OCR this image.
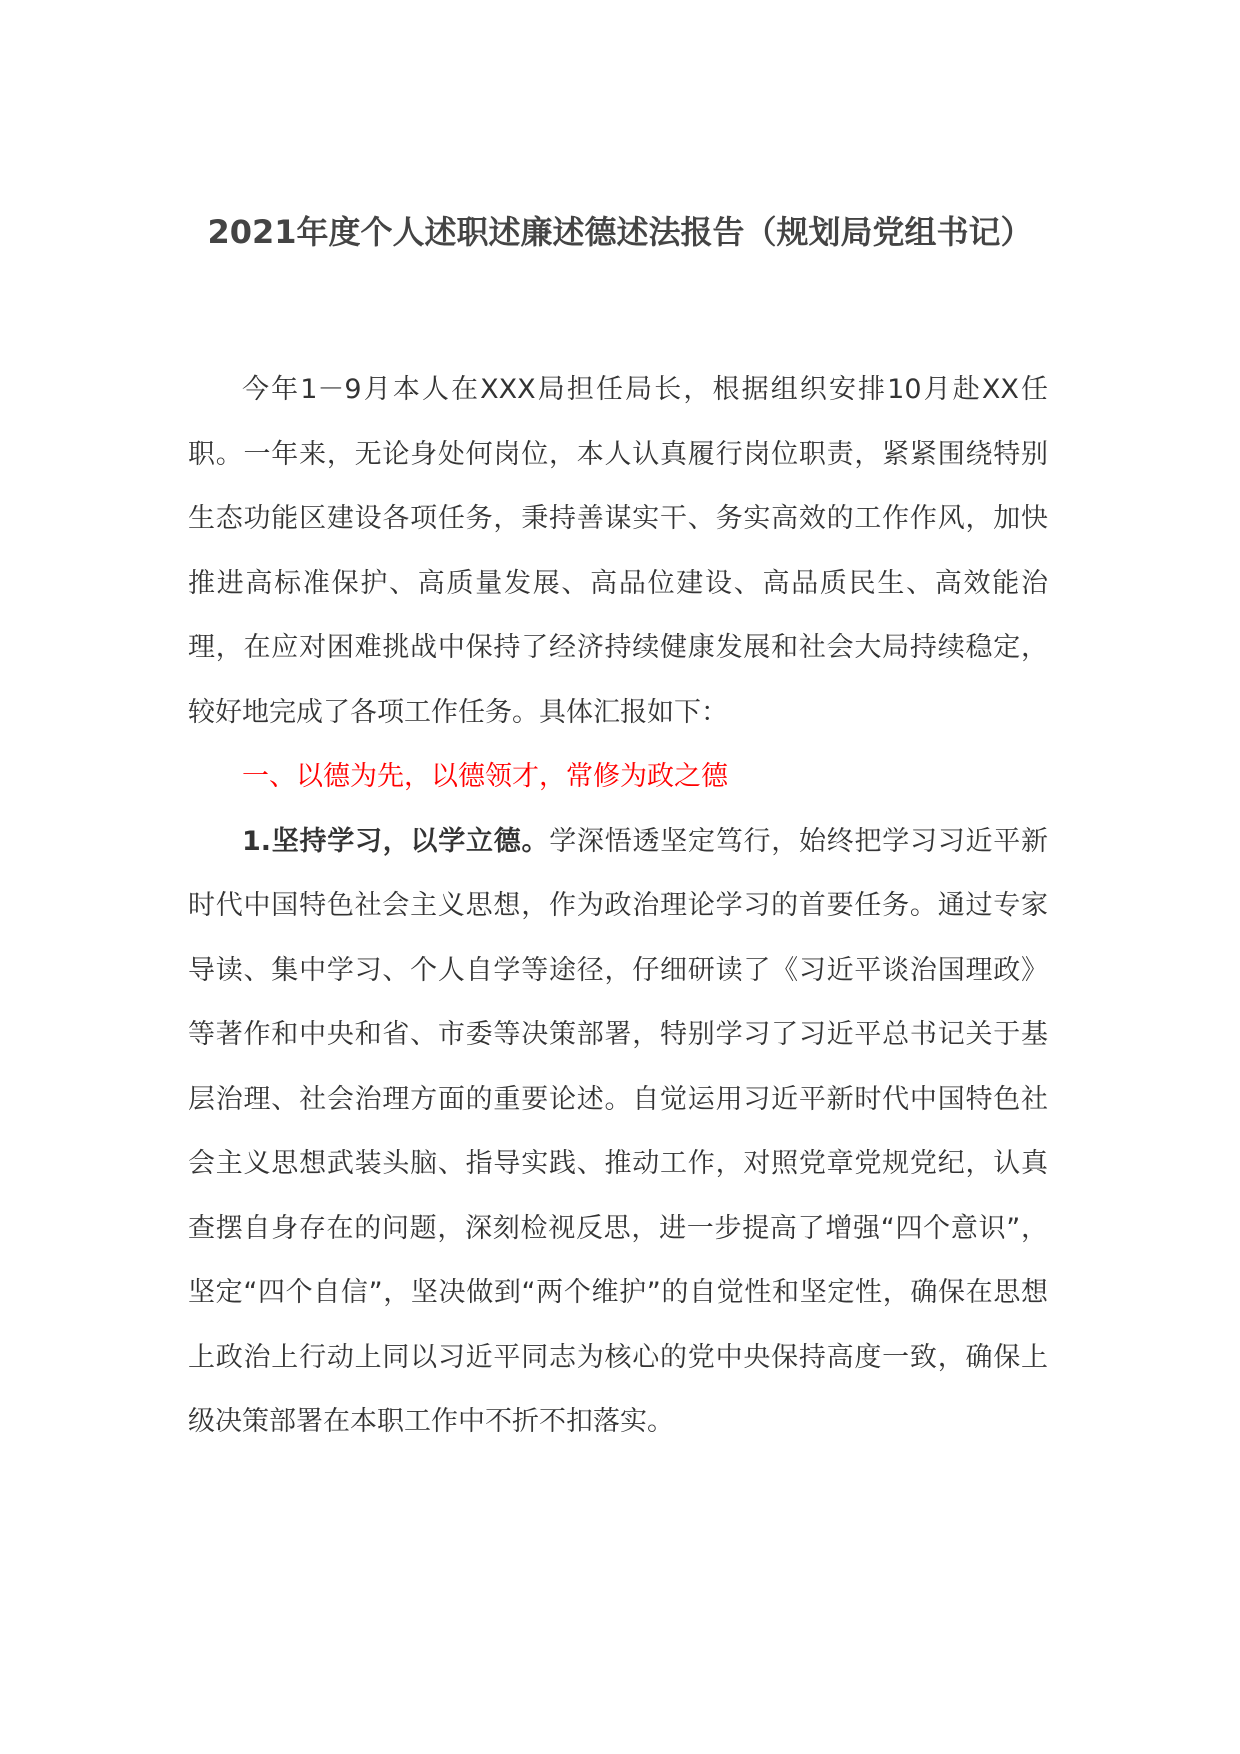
2021年度个人述职述廉述德述法报告（规划局党组书记）

今年1－9月本人在XXX局担任局长，根据组织安排10月赴XX任职。一年来，无论身处何岗位，本人认真履行岗位职责，紧紧围绕特别生态功能区建设各项任务，秉持善谋实干、务实高效的工作作风，加快推进高标准保护、高质量发展、高品位建设、高品质民生、高效能治理，在应对困难挑战中保持了经济持续健康发展和社会大局持续稳定，较好地完成了各项工作任务。具体汇报如下：

一、以德为先，以德领才，常修为政之德

1.坚持学习，以学立德。学深悟透坚定笃行，始终把学习习近平新时代中国特色社会主义思想，作为政治理论学习的首要任务。通过专家导读、集中学习、个人自学等途径，仔细研读了《习近平谈治国理政》等著作和中央和省、市委等决策部署，特别学习了习近平总书记关于基层治理、社会治理方面的重要论述。自觉运用习近平新时代中国特色社会主义思想武装头脑、指导实践、推动工作，对照党章党规党纪，认真查摆自身存在的问题，深刻检视反思，进一步提高了增强“四个意识”，坚定“四个自信”，坚决做到“两个维护”的自觉性和坚定性，确保在思想上政治上行动上同以习近平同志为核心的党中央保持高度一致，确保上级决策部署在本职工作中不折不扣落实。
